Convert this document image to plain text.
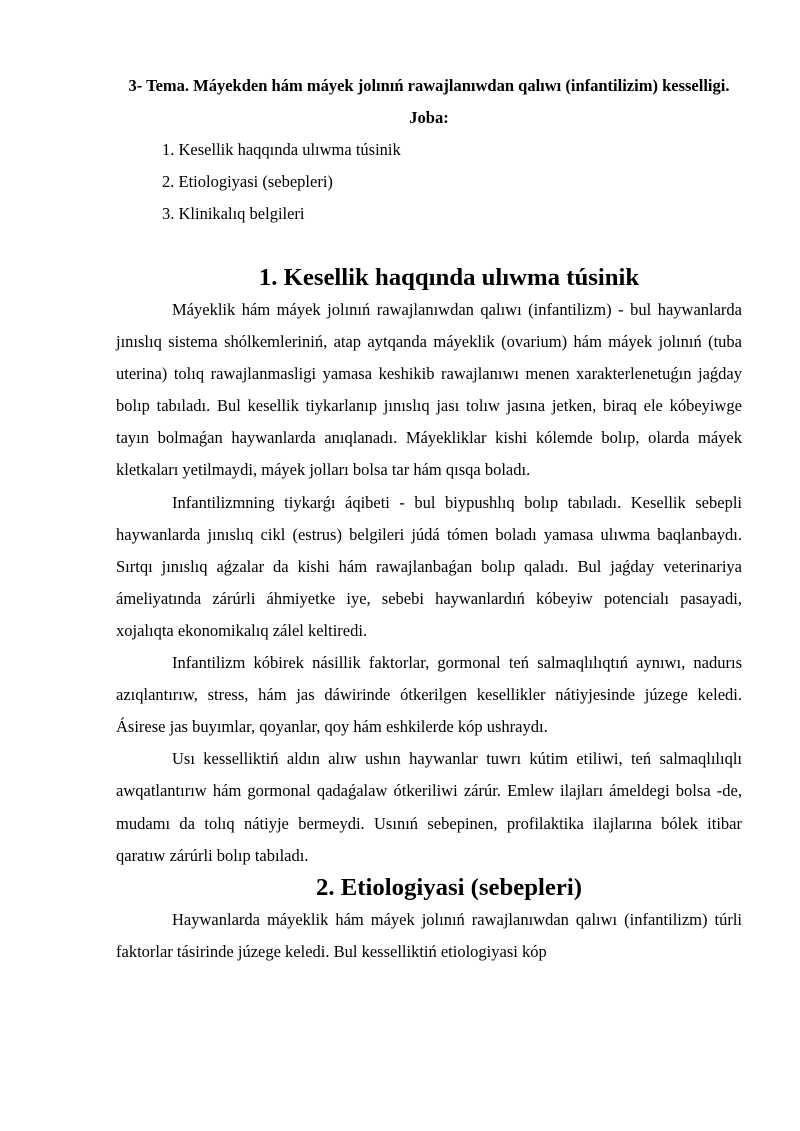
3- Tema. Máyekden hám máyek jolınıń rawajlanıwdan qalıwı (infantilizim) kesselligi.
Joba:
1. Kesellik haqqında ulıwma túsinik
2. Etiologiyasi (sebepleri)
3. Klinikalıq belgileri
1. Kesellik haqqında ulıwma túsinik

Máyeklik hám máyek jolınıń rawajlanıwdan qalıwı (infantilizm) - bul haywanlarda jınıslıq sistema shólkemleriniń, atap aytqanda máyeklik (ovarium) hám máyek jolınıń (tuba uterina) tolıq rawajlanmasligi yamasa keshikib rawajlanıwı menen xarakterlenetuǵın jaǵday bolıp tabıladı. Bul kesellik tiykarlanıp jınıslıq jası tolıw jasına jetken, biraq ele kóbeyiwge tayın bolmaǵan haywanlarda anıqlanadı. Máyekliklar kishi kólemde bolıp, olarda máyek kletkaları yetilmaydi, máyek jolları bolsa tar hám qısqa boladı.

Infantilizmning tiykarǵı áqibeti - bul biypushlıq bolıp tabıladı. Kesellik sebepli haywanlarda jınıslıq cikl (estrus) belgileri júdá tómen boladı yamasa ulıwma baqlanbaydı. Sırtqı jınıslıq aǵzalar da kishi hám rawajlanbaǵan bolıp qaladı. Bul jaǵday veterinariya ámeliyatında zárúrli áhmiyetke iye, sebebi haywanlardıń kóbeyiw potencialı pasayadi, xojalıqta ekonomikalıq zálel keltiredi.

Infantilizm kóbirek násillik faktorlar, gormonal teń salmaqlılıqtıń aynıwı, nadurıs azıqlantırıw, stress, hám jas dáwirinde ótkerilgen kesellikler nátiyjesinde júzege keledi. Ásirese jas buyımlar, qoyanlar, qoy hám eshkilerde kóp ushraydı.

Usı kesselliktiń aldın alıw ushın haywanlar tuwrı kútim etiliwi, teń salmaqlılıqlı awqatlantırıw hám gormonal qadaǵalaw ótkeriliwi zárúr. Emlew ilajları ámeldegi bolsa -de, mudamı da tolıq nátiyje bermeydi. Usınıń sebepinen, profilaktika ilajlarına bólek itibar qaratıw zárúrli bolıp tabıladı.

2. Etiologiyasi (sebepleri)

Haywanlarda máyeklik hám máyek jolınıń rawajlanıwdan qalıwı (infantilizm) túrli faktorlar tásirinde júzege keledi. Bul kesselliktiń etiologiyasi kóp
